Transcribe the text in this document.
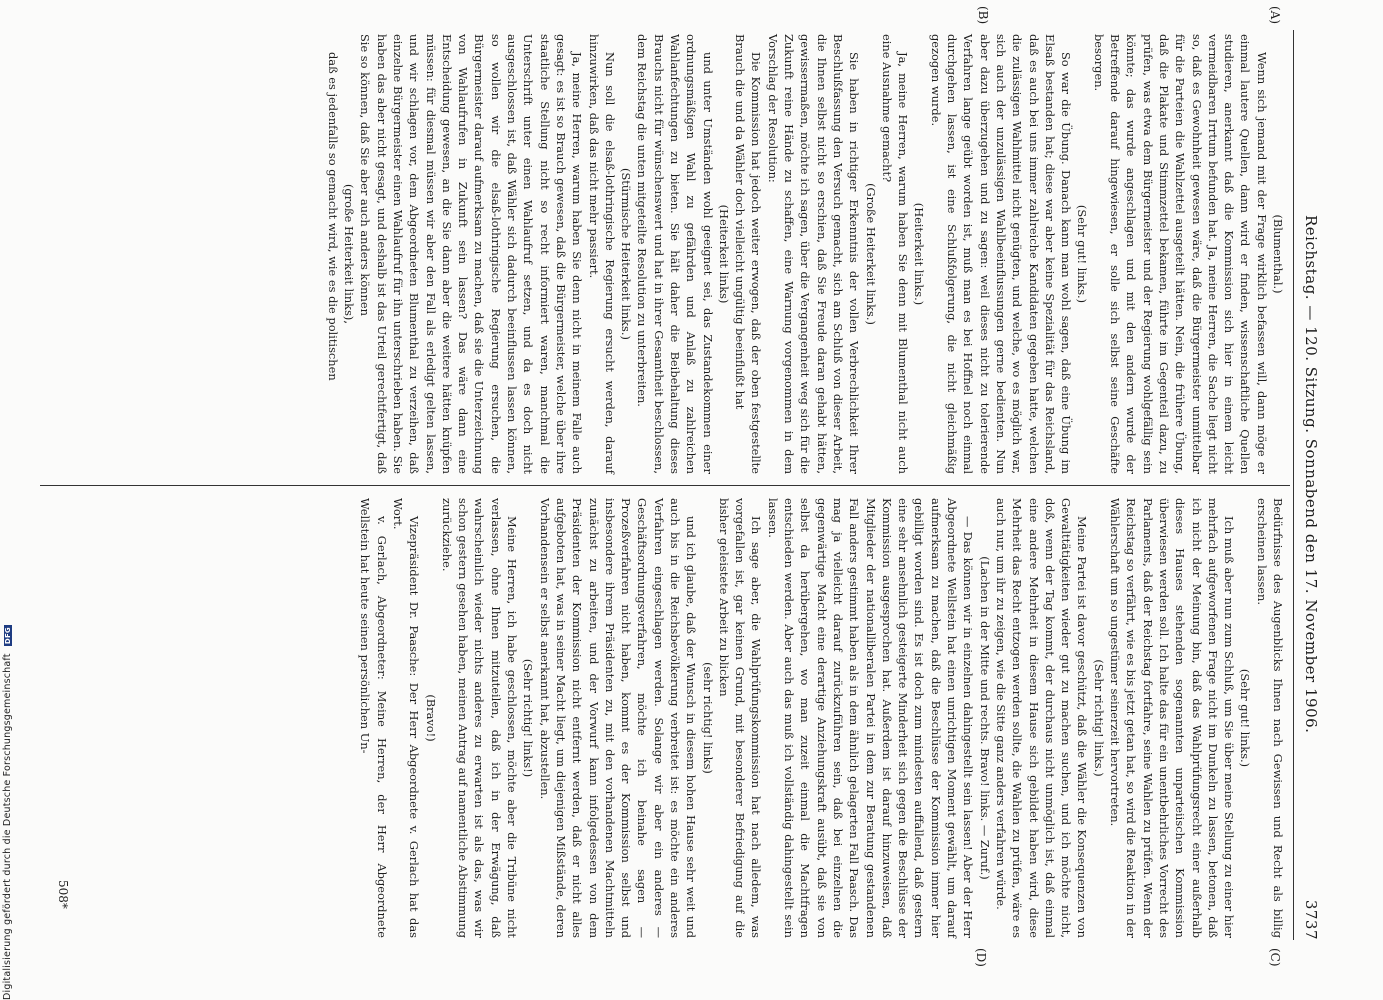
Digitalisierung gefördert durch die Deutsche Forschungsgemeinschaft DFG	Reichstag. — 120. Sitzung. Sonnabend den 17. November 1906.
3737
(A)
(B)
(C)
(D)

(Blumenthal.)

Wenn sich jemand mit der Frage wirklich befassen will, dann möge er einmal lautere Quellen, dann wird er finden, wissenschaftliche Quellen studieren, anerkannt daß die Kommission sich hier in einem leicht vermeidbaren Irrtum befunden hat. Ja, meine Herren, die Sache liegt nicht so, daß es Gewohnheit gewesen wäre, daß die Bürgermeister unmittelbar für die Parteien die Wahlzettel ausgeteilt hätten. Nein, die frühere Übung, daß die Plakate und Stimmzettel bekamen, führte im Gegenteil dazu, zu prüfen, was etwa dem Bürgermeister und der Regierung wohlgefällig sein könnte; das wurde angeschlagen und mit den andern wurde der Betreffende darauf hingewiesen, er solle sich selbst seine Geschäfte besorgen.

(Sehr gut! links.)

So war die Übung. Danach kann man wohl sagen, daß eine Übung im Elsaß bestanden hat; diese war aber keine Spezialität für das Reichsland, daß es auch bei uns immer zahlreiche Kandidaten gegeben hatte, welchen die zulässigen Wahlmittel nicht genügten, und welche, wo es möglich war, sich auch der unzulässigen Wahlbeeinflussungen gerne bedienten. Nun aber dazu überzugehen und zu sagen: weil dieses nicht zu tolerierende Verfahren lange geübt worden ist, muß man es bei Hoffnel noch einmal durchgehen lassen, ist eine Schlußfolgerung, die nicht gleichmäßig gezogen wurde.

(Heiterkeit links.)

Ja, meine Herren, warum haben Sie denn mit Blumenthal nicht auch eine Ausnahme gemacht?

(Große Heiterkeit links.)

Sie haben in richtiger Erkenntnis der vollen Verbrechlichkeit Ihrer Beschlußfassung den Versuch gemacht, sich am Schluß von dieser Arbeit, die Ihnen selbst nicht so erschien, daß Sie Freude daran gehabt hätten, gewissermaßen, möchte ich sagen, über die Vergangenheit weg sich für die Zukunft reine Hände zu schaffen, eine Warnung vorgenommen in dem Vorschlag der Resolution:

Die Kommission hat jedoch weiter erwogen, daß der oben festgestellte Brauch die und da Wähler doch vielleicht ungültig beeinflußt hat

(Heiterkeit links)

und unter Umständen wohl geeignet sei, das Zustandekommen einer ordnungsmäßigen Wahl zu gefährden und Anlaß zu zahlreichen Wahlanfechtungen zu bieten. Sie hält daher die Beibehaltung dieses Brauchs nicht für wünschenswert und hat in ihrer Gesamtheit beschlossen, dem Reichstag die unten mitgeteilte Resolution zu unterbreiten.

(Stürmische Heiterkeit links.)

Nun soll die elsaß-lothringische Regierung ersucht werden, darauf hinzuwirken, daß das nicht mehr passiert.

Ja, meine Herren, warum haben Sie denn nicht in meinem Falle auch gesagt: es ist so Brauch gewesen, daß die Bürgermeister, welche über ihre staatliche Stellung nicht so recht informiert waren, manchmal die Unterschrift unter einen Wahlaufruf setzen, und da es doch nicht ausgeschlossen ist, daß Wähler sich dadurch beeinflussen lassen können, so wollen wir die elsaß-lothringische Regierung ersuchen, die Bürgermeister darauf aufmerksam zu machen, daß sie die Unterzeichnung von Wahlaufrufen in Zukunft sein lassen? Das wäre dann eine Entscheidung gewesen, an die Sie dann aber die weitere hätten knüpfen müssen: für diesmal müssen wir aber den Fall als erledigt gelten lassen, und wir schlagen vor, dem Abgeordneten Blumenthal zu verzeihen, daß einzelne Bürgermeister einen Wahlaufruf für ihn unterschrieben haben. Sie haben das aber nicht gesagt, und deshalb ist das Urteil gerechtfertigt, daß Sie so können, daß Sie aber auch anders können

(große Heiterkeit links),

daß es jedenfalls so gemacht wird, wie es die politischen

Bedürfnisse des Augenblicks Ihnen nach Gewissen und Recht als billig erscheinen lassen.

(Sehr gut! links.)

Ich muß aber nun zum Schluß, um Sie über meine Stellung zu einer hier mehrfach aufgeworfenen Frage nicht im Dunkeln zu lassen, betonen, daß ich nicht der Meinung bin, daß das Wahlprüfungsrecht einer außerhalb dieses Hauses stehenden sogenannten unparteiischen Kommission überwiesen werden soll. Ich halte das für ein unentbehrliches Vorrecht des Parlaments, daß der Reichstag fortfahre, seine Wahlen zu prüfen. Wenn der Reichstag so verfährt, wie es bis jetzt getan hat, so wird die Reaktion in der Wählerschaft um so ungestümer seinerzeit hervortreten.

(Sehr richtig! links.)

Meine Partei ist davor geschützt, daß die Wähler die Konsequenzen von Gewalttätigkeiten wieder gut zu machen suchen, und ich möchte nicht, doß, wenn der Tag kommt, der durchaus nicht unmöglich ist, daß einmal eine andere Mehrheit in diesem Hause sich gebildet haben wird, diese Mehrheit das Recht entzogen werden sollte, die Wahlen zu prüfen, wäre es auch nur, um ihr zu zeigen, wie die Sitte ganz anders verfahren würde.

(Lachen in der Mitte und rechts. Bravo! links. — Zuruf.)

— Das können wir in einzelnen dahingestellt sein lassen! Aber der Herr Abgeordnete Wellstein hat einen unrichtigen Moment gewählt, um darauf aufmerksam zu machen, daß die Beschlüsse der Kommission immer hier gebilligt worden sind. Es ist doch zum mindesten auffallend, daß gestern eine sehr ansehnlich gesteigerte Minderheit sich gegen die Beschlüsse der Kommission ausgesprochen hat. Außerdem ist darauf hinzuweisen, daß Mitglieder der nationalliberalen Partei in dem zur Beratung gestandenen Fall anders gestimmt haben als in dem ähnlich gelagerten Fall Paasch. Das mag ja vielleicht darauf zurückzuführen sein, daß bei einzelnen die gegenwärtige Macht eine derartige Anziehungskraft ausübt, daß sie von selbst da herübergehen, wo man zuzeit einmal die Machtfragen entschieden werden. Aber auch das muß ich vollständig dahingestellt sein lassen.

Ich sage aber, die Wahlprüfungskommission hat nach alledem, was vorgefallen ist, gar keinen Grund, mit besonderer Befriedigung auf die bisher geleistete Arbeit zu blicken

(sehr richtig! links)

und ich glaube, daß der Wunsch in diesem hohen Hause sehr weit und auch bis in die Reichsbevölkerung verbreitet ist: es möchte ein anderes Verfahren eingeschlagen werden. Solange wir aber ein anderes — Geschäftsordnungsverfahren, möchte ich beinahe sagen — Prozeßverfahren nicht haben, kommt es der Kommission selbst und insbesondere ihrem Präsidenten zu, mit den vorhandenen Machtmitteln zunächst zu arbeiten, und der Vorwurf kann infolgedessen von dem Präsidenten der Kommission nicht entfernt werden, daß er nicht alles aufgeboten hat, was in seiner Macht liegt, um diejenigen Mißstände, deren Vorhandensein er selbst anerkannt hat, abzustellen.

(Sehr richtig! links!)

Meine Herren, ich habe geschlossen, möchte aber die Tribüne nicht verlassen, ohne Ihnen mitzuteilen, daß ich in der Erwägung, daß wahrscheinlich wieder nichts anderes zu erwarten ist als das, was wir schon gestern gesehen haben, meinen Antrag auf namentliche Abstimmung zurückziehe.

(Bravo!)

Vizepräsident Dr. Paasche: Der Herr Abgeordnete v. Gerlach hat das Wort.

v. Gerlach, Abgeordneter: Meine Herren, der Herr Abgeordnete Wellstein hat heute seinen persönlichen Un-

508*
